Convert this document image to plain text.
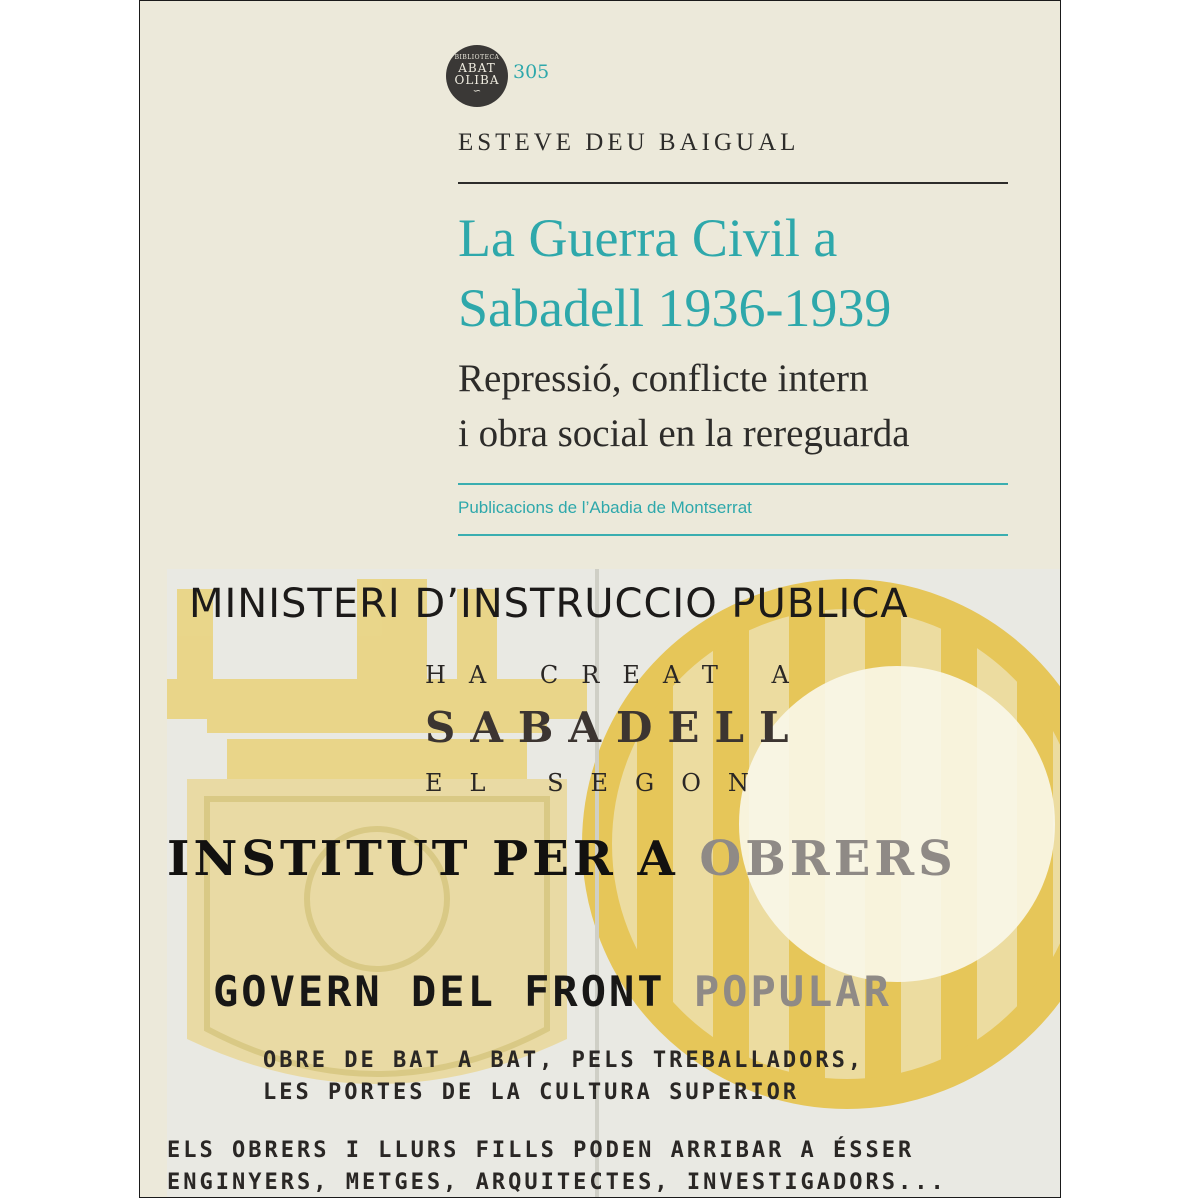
BIBLIOTECA
ABAT
OLIBA
∽
305
ESTEVE DEU BAIGUAL
La Guerra Civil a
Sabadell 1936-1939

Repressió, conflicte intern
i obra social en la rereguarda

Publicacions de l’Abadia de Montserrat
MINISTERI D’INSTRUCCIO PUBLICA
HA CREAT A
SABADELL
EL SEGON
INSTITUT PER A OBRERS
GOVERN DEL FRONT POPULAR
OBRE DE BAT A BAT, PELS TREBALLADORS,
LES PORTES DE LA CULTURA SUPERIOR
ELS OBRERS I LLURS FILLS PODEN ARRIBAR A ÉSSER
ENGINYERS, METGES, ARQUITECTES, INVESTIGADORS...
